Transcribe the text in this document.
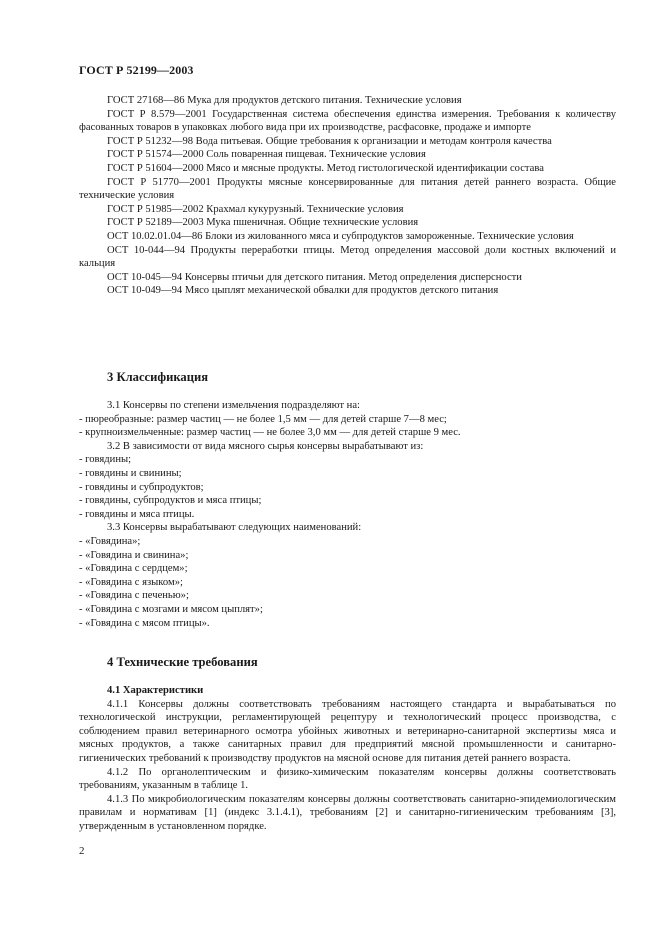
ГОСТ Р 52199—2003

ГОСТ 27168—86 Мука для продуктов детского питания. Технические условия

ГОСТ Р 8.579—2001 Государственная система обеспечения единства измерения. Требования к количеству фасованных товаров в упаковках любого вида при их производстве, расфасовке, продаже и импорте

ГОСТ Р 51232—98 Вода питьевая. Общие требования к организации и методам контроля качества

ГОСТ Р 51574—2000 Соль поваренная пищевая. Технические условия

ГОСТ Р 51604—2000 Мясо и мясные продукты. Метод гистологической идентификации состава

ГОСТ Р 51770—2001 Продукты мясные консервированные для питания детей раннего возраста. Общие технические условия

ГОСТ Р 51985—2002 Крахмал кукурузный. Технические условия

ГОСТ Р 52189—2003 Мука пшеничная. Общие технические условия

ОСТ 10.02.01.04—86 Блоки из жилованного мяса и субпродуктов замороженные. Технические условия

ОСТ 10-044—94 Продукты переработки птицы. Метод определения массовой доли костных включений и кальция

ОСТ 10-045—94 Консервы птичьи для детского питания. Метод определения дисперсности

ОСТ 10-049—94 Мясо цыплят механической обвалки для продуктов детского питания

3 Классификация

3.1 Консервы по степени измельчения подразделяют на:

- пюреобразные: размер частиц — не более 1,5 мм — для детей старше 7—8 мес;

- крупноизмельченные: размер частиц — не более 3,0 мм — для детей старше 9 мес.

3.2 В зависимости от вида мясного сырья консервы вырабатывают из:

- говядины;

- говядины и свинины;

- говядины и субпродуктов;

- говядины, субпродуктов и мяса птицы;

- говядины и мяса птицы.

3.3 Консервы вырабатывают следующих наименований:

- «Говядина»;

- «Говядина и свинина»;

- «Говядина с сердцем»;

- «Говядина с языком»;

- «Говядина с печенью»;

- «Говядина с мозгами и мясом цыплят»;

- «Говядина с мясом птицы».

4 Технические требования

4.1 Характеристики

4.1.1 Консервы должны соответствовать требованиям настоящего стандарта и вырабатываться по технологической инструкции, регламентирующей рецептуру и технологический процесс производства, с соблюдением правил ветеринарного осмотра убойных животных и ветеринарно-санитарной экспертизы мяса и мясных продуктов, а также санитарных правил для предприятий мясной промышленности и санитарно-гигиенических требований к производству продуктов на мясной основе для питания детей раннего возраста.

4.1.2 По органолептическим и физико-химическим показателям консервы должны соответствовать требованиям, указанным в таблице 1.

4.1.3 По микробиологическим показателям консервы должны соответствовать санитарно-эпидемиологическим правилам и нормативам [1] (индекс 3.1.4.1), требованиям [2] и санитарно-гигиеническим требованиям [3], утвержденным в установленном порядке.

2
